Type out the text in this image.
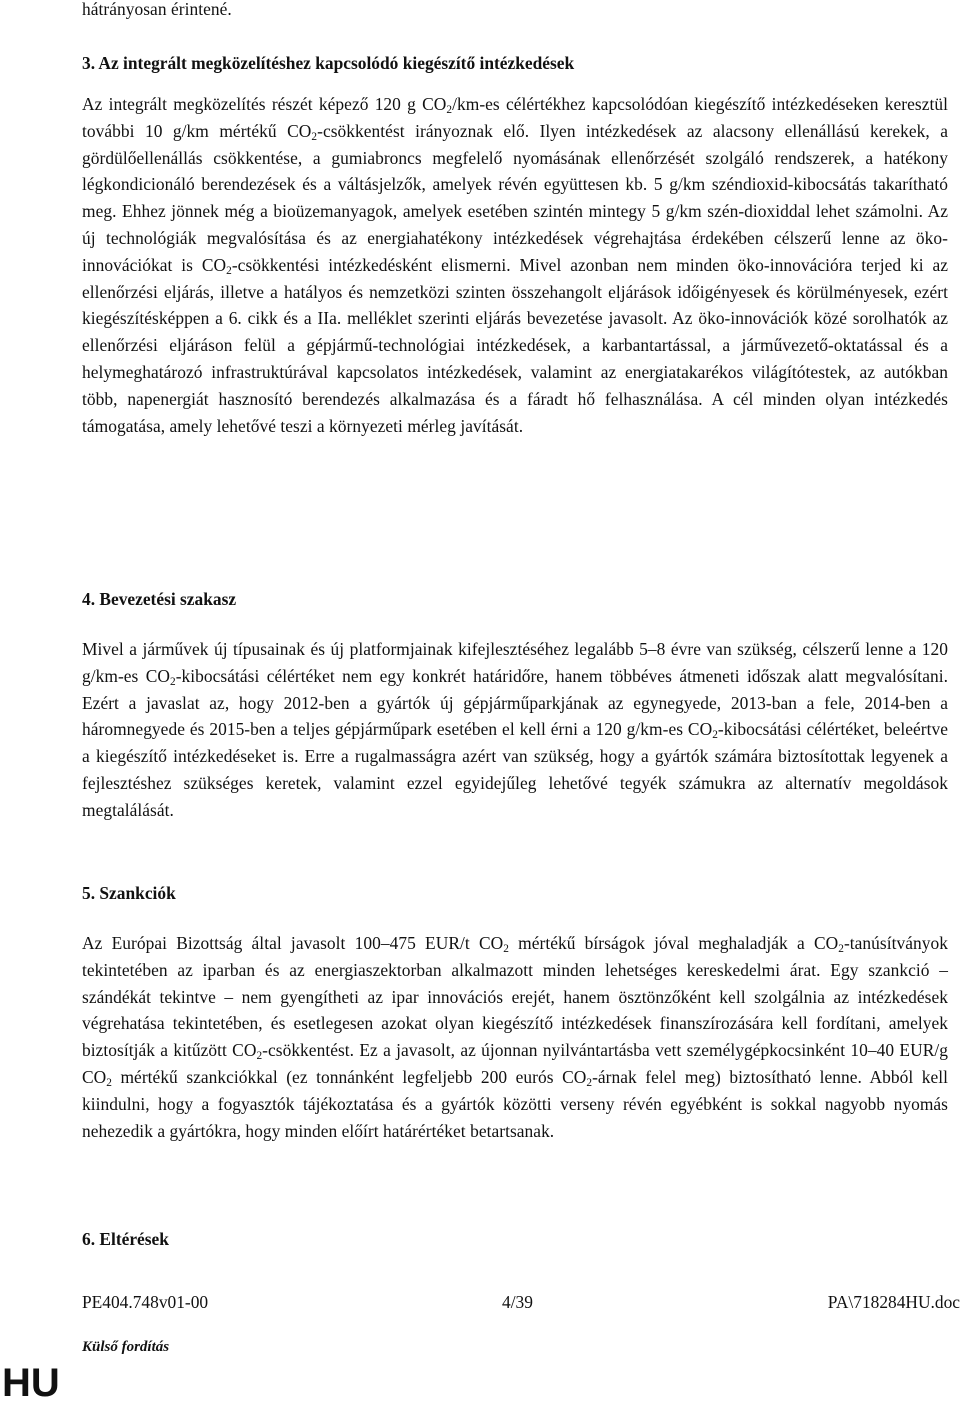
hátrányosan érintené.

3. Az integrált megközelítéshez kapcsolódó kiegészítő intézkedések

Az integrált megközelítés részét képező 120 g $CO_2/km-es$ célértékhez kapcsolódóan kiegészítő intézkedéseken keresztül további 10 g/km mértékű $CO_2$-csökkentést irányoznak elő. Ilyen intézkedések az alacsony ellenállású kerekek, a gördülőellenállás csökkentése, a gumiabroncs megfelelő nyomásának ellenőrzését szolgáló rendszerek, a hatékony légkondicionáló berendezések és a váltásjelzők, amelyek révén együttesen kb. 5 g/km széndioxid-kibocsátás takarítható meg. Ehhez jönnek még a bioüzemanyagok, amelyek esetében szintén mintegy 5 g/km szén-dioxiddal lehet számolni. Az új technológiák megvalósítása és az energiahatékony intézkedések végrehajtása érdekében célszerű lenne az öko-innovációkat is $CO_2$-csökkentési intézkedésként elismerni. Mivel azonban nem minden öko-innovációra terjed ki az ellenőrzési eljárás, illetve a hatályos és nemzetközi szinten összehangolt eljárások időigényesek és körülményesek, ezért kiegészítésképpen a 6. cikk és a IIa. melléklet szerinti eljárás bevezetése javasolt. Az öko-innovációk közé sorolhatók az ellenőrzési eljáráson felül a gépjármű-technológiai intézkedések, a karbantartással, a járművezető-oktatással és a helymeghatározó infrastruktúrával kapcsolatos intézkedések, valamint az energiatakarékos világítótestek, az autókban több, napenergiát hasznosító berendezés alkalmazása és a fáradt hő felhasználása. A cél minden olyan intézkedés támogatása, amely lehetővé teszi a környezeti mérleg javítását.

4. Bevezetési szakasz

Mivel a járművek új típusainak és új platformjainak kifejlesztéséhez legalább 5–8 évre van szükség, célszerű lenne a 120 g/km-es $CO_2$-kibocsátási célértéket nem egy konkrét határidőre, hanem többéves átmeneti időszak alatt megvalósítani. Ezért a javaslat az, hogy 2012-ben a gyártók új gépjárműparkjának az egynegyede, 2013-ban a fele, 2014-ben a háromnegyede és 2015-ben a teljes gépjárműpark esetében el kell érni a 120 g/km-es $CO_2$-kibocsátási célértéket, beleértve a kiegészítő intézkedéseket is. Erre a rugalmasságra azért van szükség, hogy a gyártók számára biztosítottak legyenek a fejlesztéshez szükséges keretek, valamint ezzel egyidejűleg lehetővé tegyék számukra az alternatív megoldások megtalálását.

5. Szankciók

Az Európai Bizottság által javasolt 100–475 EUR/t $CO_2$ mértékű bírságok jóval meghaladják a $CO_2$-tanúsítványok tekintetében az iparban és az energiaszektorban alkalmazott minden lehetséges kereskedelmi árat. Egy szankció – szándékát tekintve – nem gyengítheti az ipar innovációs erejét, hanem ösztönzőként kell szolgálnia az intézkedések végrehatása tekintetében, és esetlegesen azokat olyan kiegészítő intézkedések finanszírozására kell fordítani, amelyek biztosítják a kitűzött $CO_2$-csökkentést. Ez a javasolt, az újonnan nyilvántartásba vett személygépkocsinként 10–40 EUR/g $CO_2$ mértékű szankciókkal (ez tonnánként legfeljebb 200 eurós $CO_2$-árnak felel meg) biztosítható lenne. Abból kell kiindulni, hogy a fogyasztók tájékoztatása és a gyártók közötti verseny révén egyébként is sokkal nagyobb nyomás nehezedik a gyártókra, hogy minden előírt határértéket betartsanak.

6. Eltérések

PE404.748v01-00	4/39	PA\718284HU.doc
Külső fordítás
HU
